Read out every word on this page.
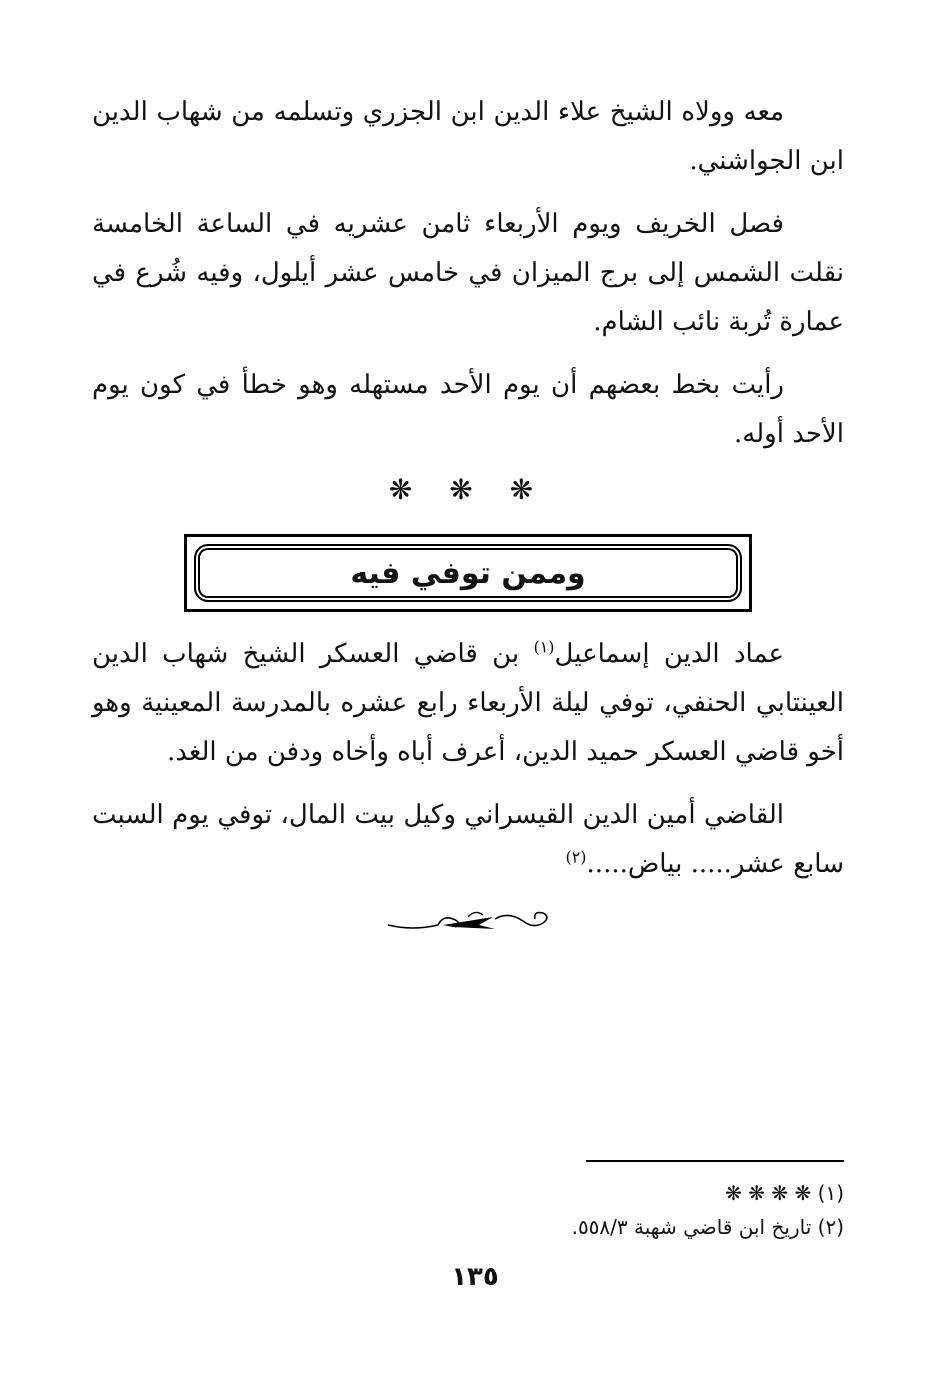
معه وولاه الشيخ علاء الدين ابن الجزري وتسلمه من شهاب الدين ابن الجواشني.

فصل الخريف ويوم الأربعاء ثامن عشريه في الساعة الخامسة نقلت الشمس إلى برج الميزان في خامس عشر أيلول، وفيه شُرع في عمارة تُربة نائب الشام.

رأيت بخط بعضهم أن يوم الأحد مستهله وهو خطأ في كون يوم الأحد أوله.

❋ ❋ ❋
وممن توفي فيه

عماد الدين إسماعيل$^{(١)}$ بن قاضي العسكر الشيخ شهاب الدين العينتابي الحنفي، توفي ليلة الأربعاء رابع عشره بالمدرسة المعينية وهو أخو قاضي العسكر حميد الدين، أعرف أباه وأخاه ودفن من الغد.

القاضي أمين الدين القيسراني وكيل بيت المال، توفي يوم السبت سابع عشر..... بياض.....$^{(٢)}$

(١) ❋ ❋ ❋ ❋
(٢) تاريخ ابن قاضي شهبة ٥٥٨/٣.
١٣٥
